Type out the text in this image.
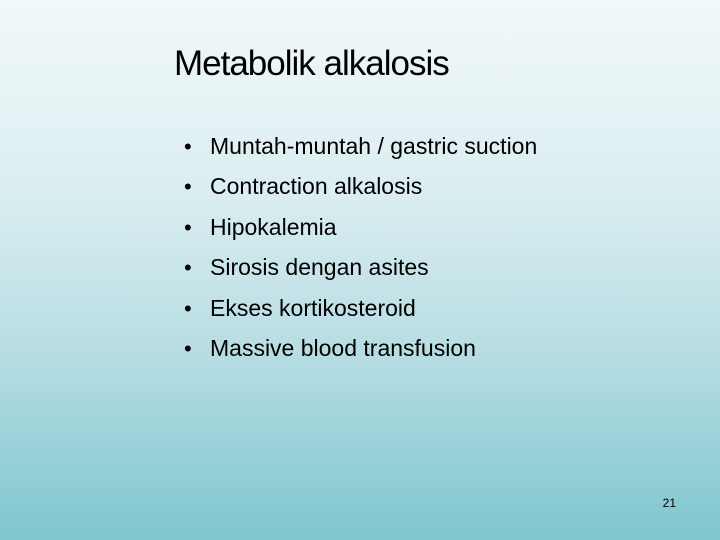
Metabolik alkalosis
• Muntah-muntah / gastric suction
• Contraction alkalosis
• Hipokalemia
• Sirosis dengan asites
• Ekses kortikosteroid
• Massive blood transfusion
21
